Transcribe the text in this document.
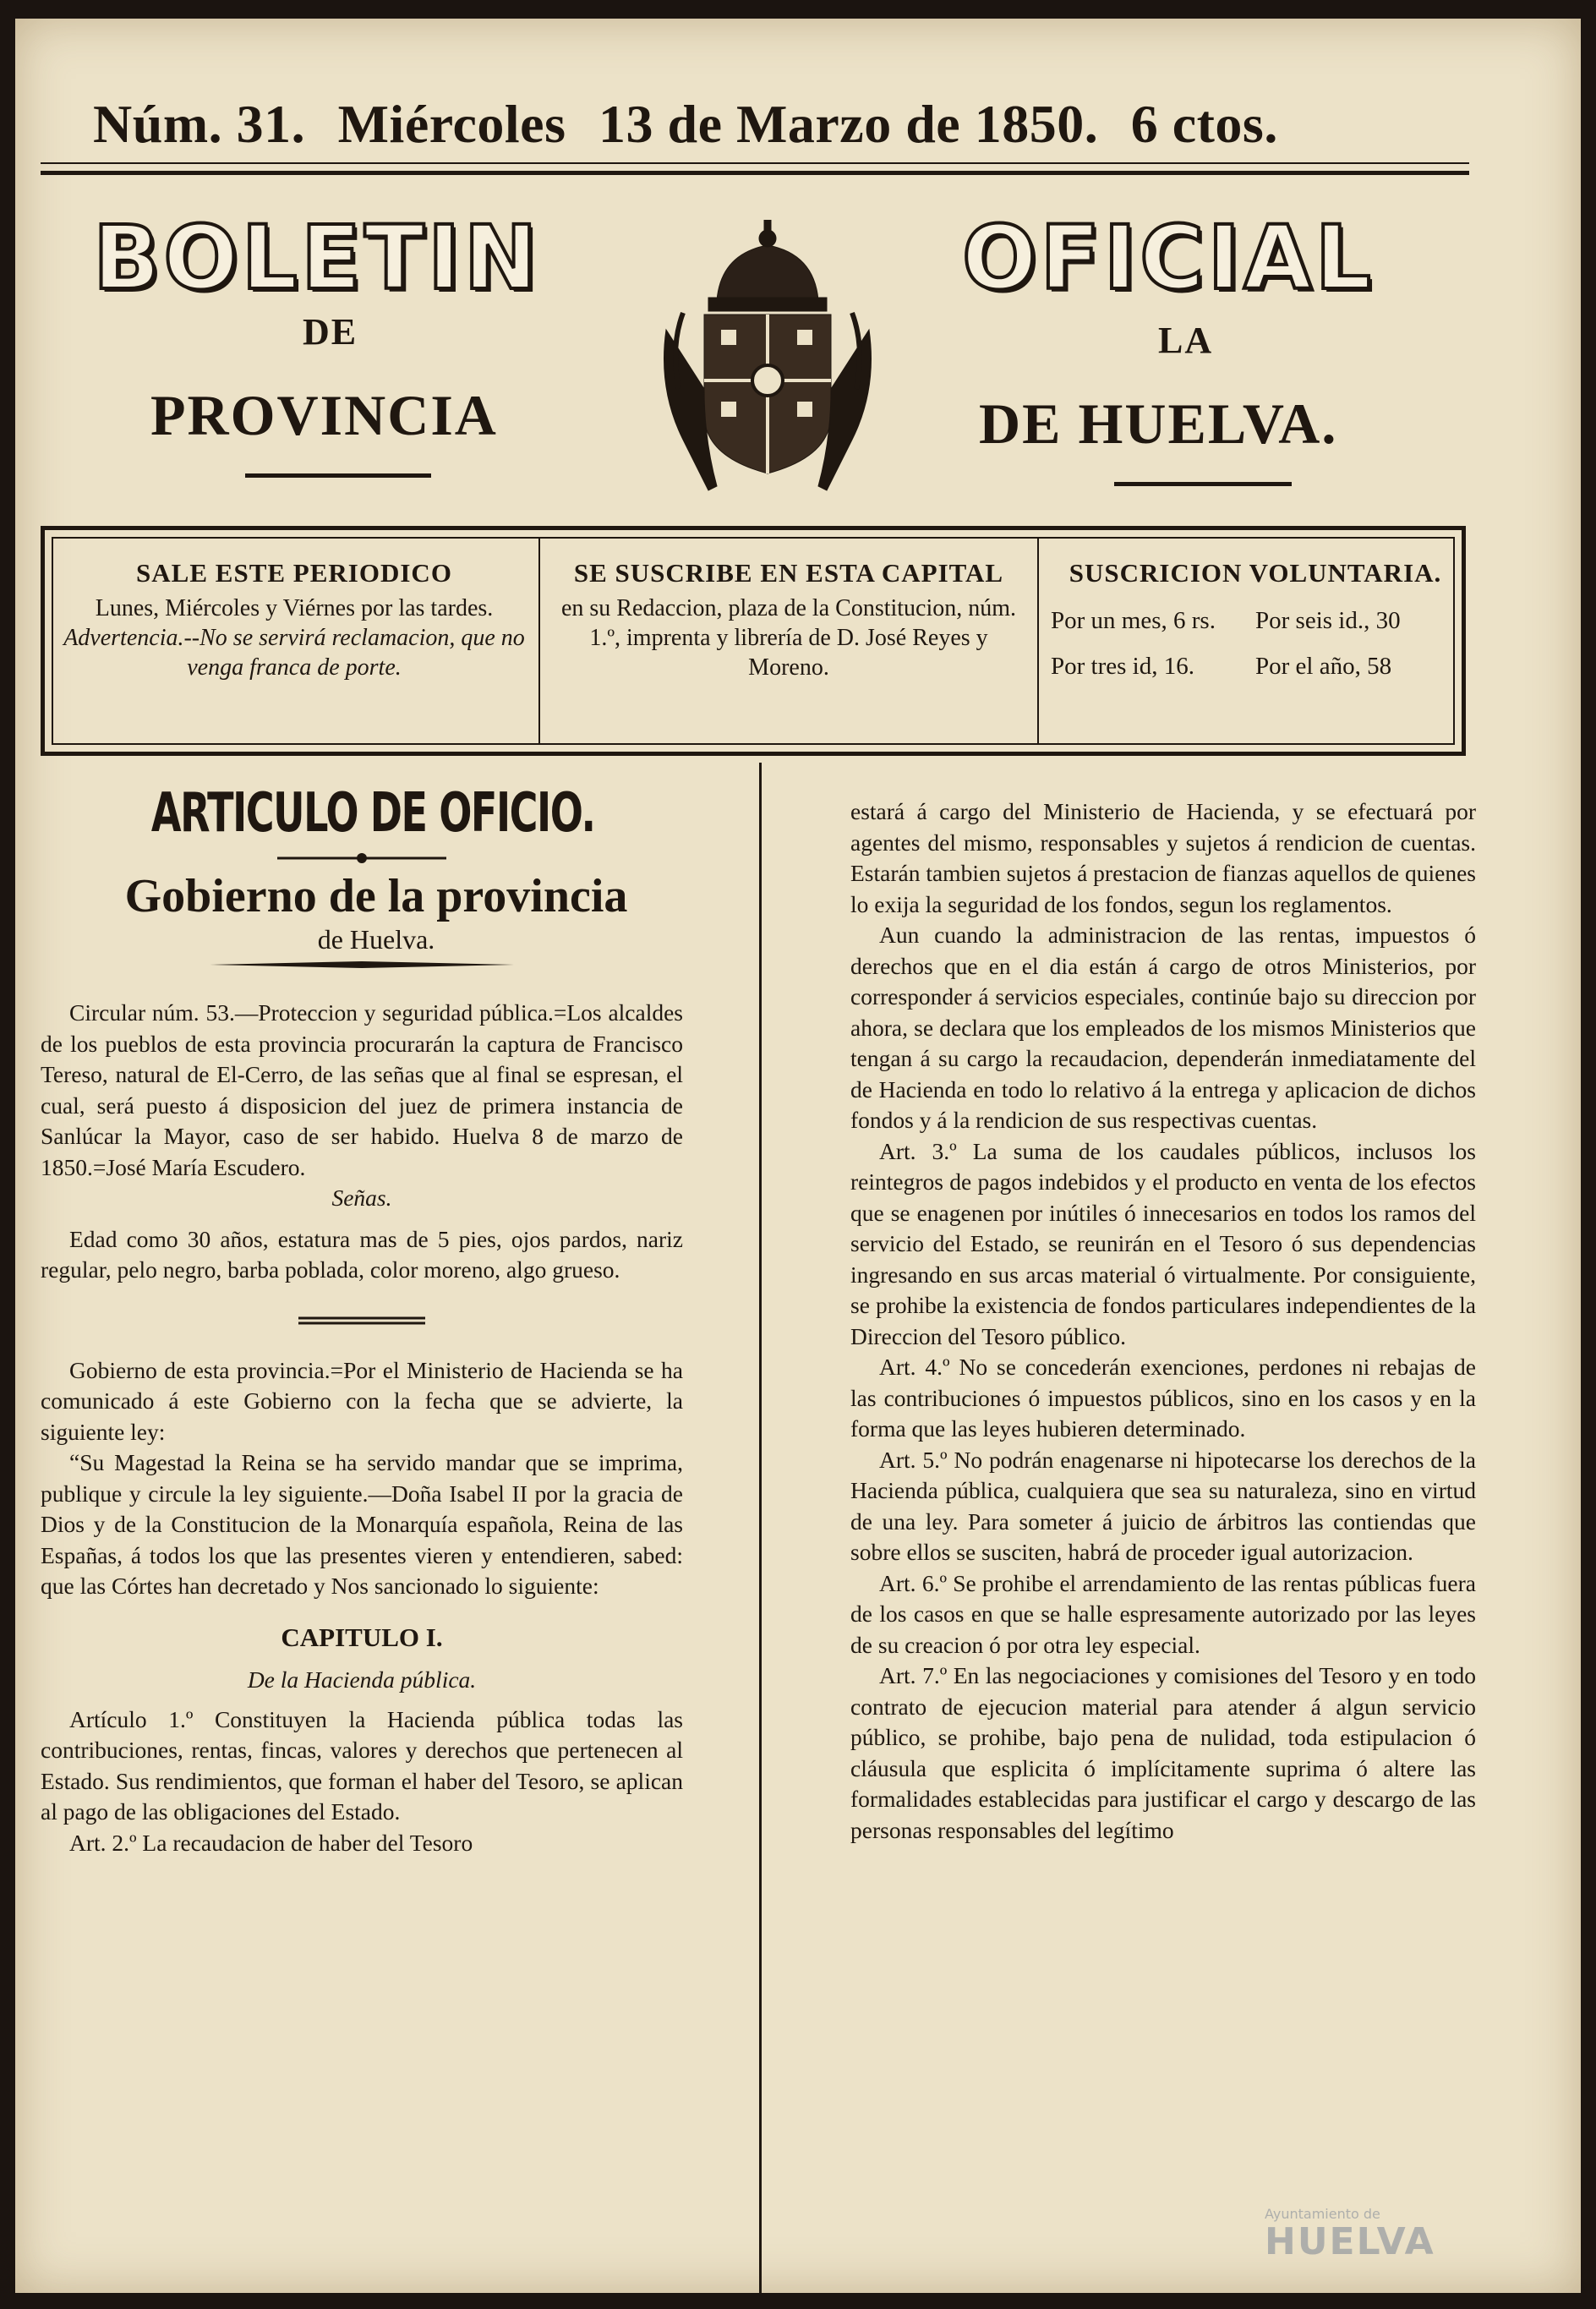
Núm. 31. Miércoles 13 de Marzo de 1850. 6 ctos.
BOLETIN	OFICIAL
DE	LA
PROVINCIA	DE HUELVA.
SALE ESTE PERIODICO
Lunes, Miércoles y Viérnes por las tardes.
Advertencia.--No se servirá reclamacion, que no venga franca de porte.
SE SUSCRIBE EN ESTA CAPITAL
en su Redaccion, plaza de la Constitucion, núm. 1.º, imprenta y librería de D. José Reyes y Moreno.
SUSCRICION VOLUNTARIA.
Por un mes, 6 rs.	Por seis id., 30
Por tres id, 16.	Por el año, 58

ARTICULO DE OFICIO.

Gobierno de la provincia

de Huelva.

Circular núm. 53.—Proteccion y seguridad pública.=Los alcaldes de los pueblos de esta provincia procurarán la captura de Francisco Tereso, natural de El-Cerro, de las señas que al final se espresan, el cual, será puesto á disposicion del juez de primera instancia de Sanlúcar la Mayor, caso de ser habido. Huelva 8 de marzo de 1850.=José María Escudero.

Señas.

Edad como 30 años, estatura mas de 5 pies, ojos pardos, nariz regular, pelo negro, barba poblada, color moreno, algo grueso.

Gobierno de esta provincia.=Por el Ministerio de Hacienda se ha comunicado á este Gobierno con la fecha que se advierte, la siguiente ley:

“Su Magestad la Reina se ha servido mandar que se imprima, publique y circule la ley siguiente.—Doña Isabel II por la gracia de Dios y de la Constitucion de la Monarquía española, Reina de las Españas, á todos los que las presentes vieren y entendieren, sabed: que las Córtes han decretado y Nos sancionado lo siguiente:

CAPITULO I.

De la Hacienda pública.

Artículo 1.º Constituyen la Hacienda pública todas las contribuciones, rentas, fincas, valores y derechos que pertenecen al Estado. Sus rendimientos, que forman el haber del Tesoro, se aplican al pago de las obligaciones del Estado.

Art. 2.º La recaudacion de haber del Tesoro

estará á cargo del Ministerio de Hacienda, y se efectuará por agentes del mismo, responsables y sujetos á rendicion de cuentas. Estarán tambien sujetos á prestacion de fianzas aquellos de quienes lo exija la seguridad de los fondos, segun los reglamentos.

Aun cuando la administracion de las rentas, impuestos ó derechos que en el dia están á cargo de otros Ministerios, por corresponder á servicios especiales, continúe bajo su direccion por ahora, se declara que los empleados de los mismos Ministerios que tengan á su cargo la recaudacion, dependerán inmediatamente del de Hacienda en todo lo relativo á la entrega y aplicacion de dichos fondos y á la rendicion de sus respectivas cuentas.

Art. 3.º La suma de los caudales públicos, inclusos los reintegros de pagos indebidos y el producto en venta de los efectos que se enagenen por inútiles ó innecesarios en todos los ramos del servicio del Estado, se reunirán en el Tesoro ó sus dependencias ingresando en sus arcas material ó virtualmente. Por consiguiente, se prohibe la existencia de fondos particulares independientes de la Direccion del Tesoro público.

Art. 4.º No se concederán exenciones, perdones ni rebajas de las contribuciones ó impuestos públicos, sino en los casos y en la forma que las leyes hubieren determinado.

Art. 5.º No podrán enagenarse ni hipotecarse los derechos de la Hacienda pública, cualquiera que sea su naturaleza, sino en virtud de una ley. Para someter á juicio de árbitros las contiendas que sobre ellos se susciten, habrá de proceder igual autorizacion.

Art. 6.º Se prohibe el arrendamiento de las rentas públicas fuera de los casos en que se halle espresamente autorizado por las leyes de su creacion ó por otra ley especial.

Art. 7.º En las negociaciones y comisiones del Tesoro y en todo contrato de ejecucion material para atender á algun servicio público, se prohibe, bajo pena de nulidad, toda estipulacion ó cláusula que esplicita ó implícitamente suprima ó altere las formalidades establecidas para justificar el cargo y descargo de las personas responsables del legítimo

Ayuntamiento de
HUELVA
